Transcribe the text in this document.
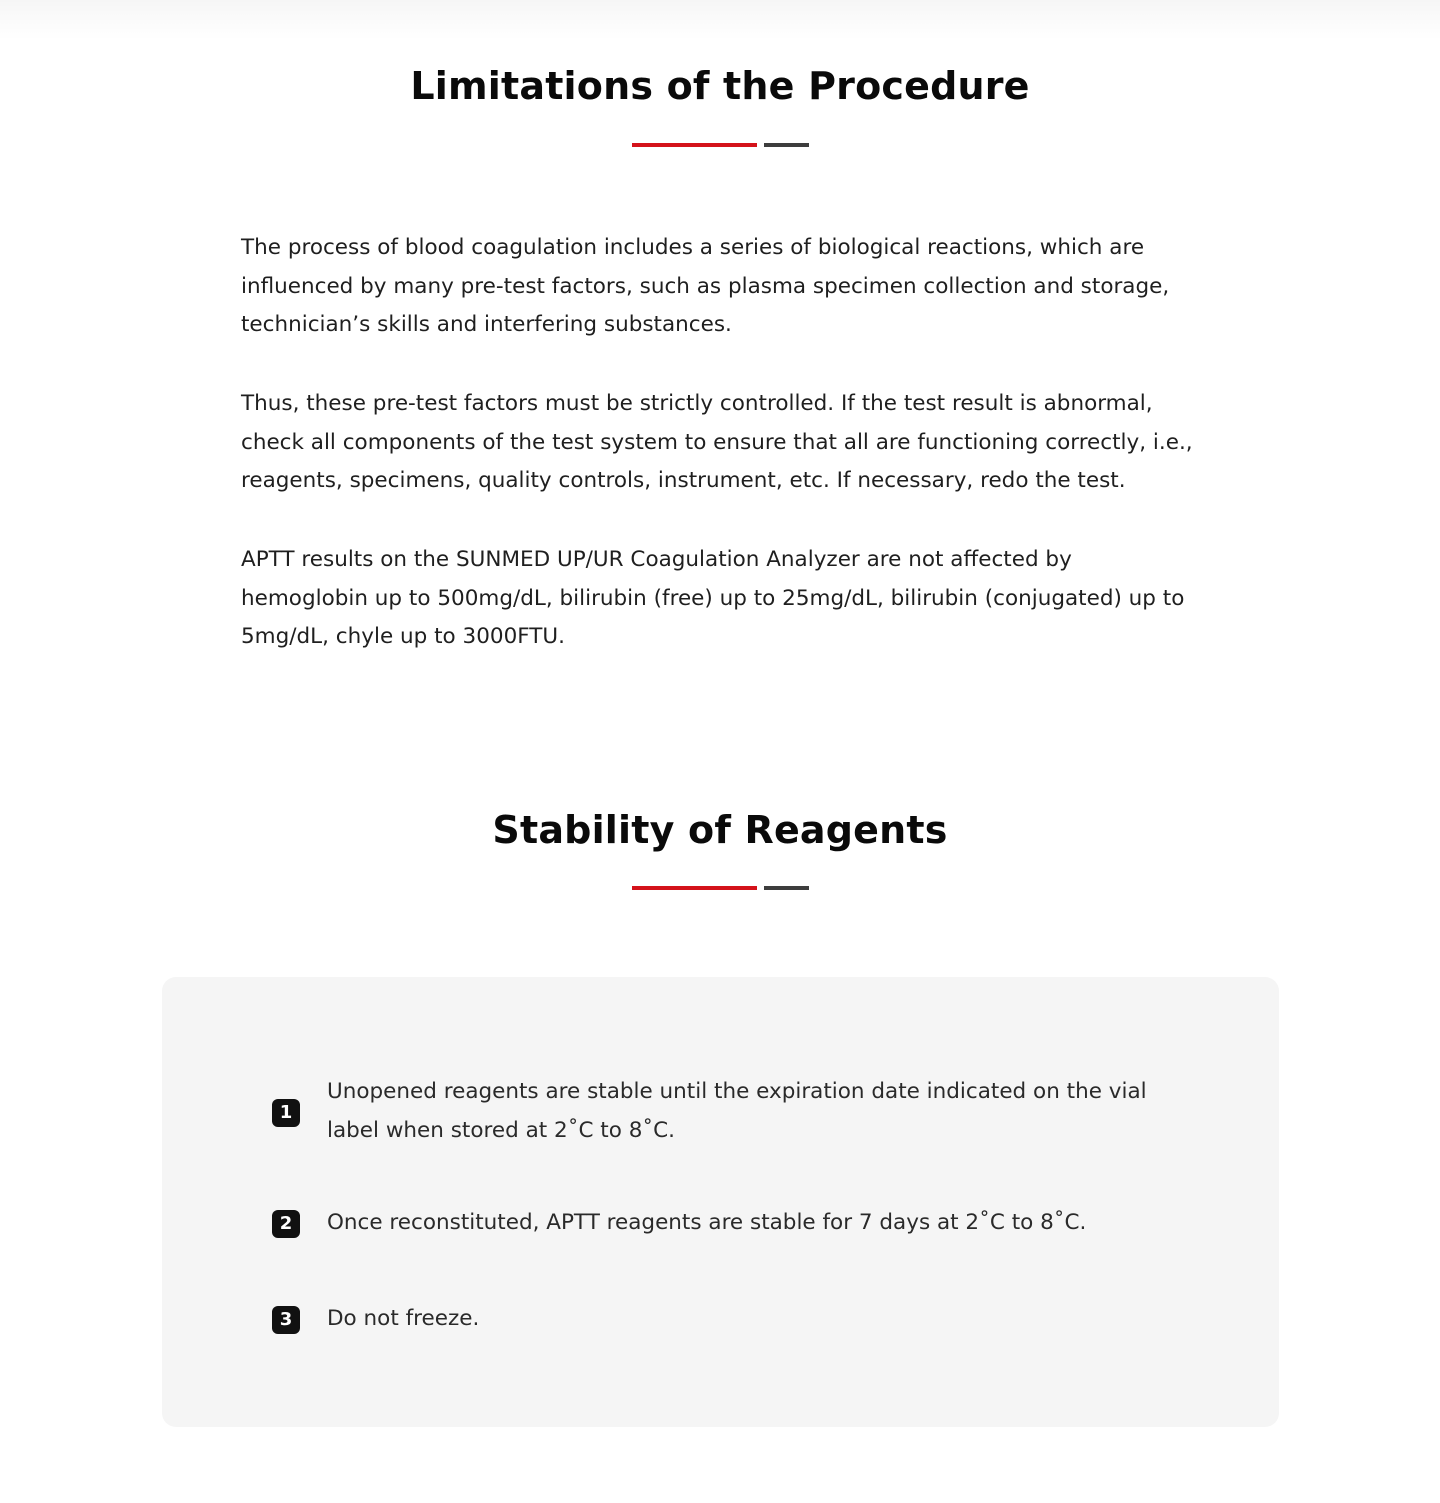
Limitations of the Procedure

The process of blood coagulation includes a series of biological reactions, which are influenced by many pre-test factors, such as plasma specimen collection and storage, technician’s skills and interfering substances.

Thus, these pre-test factors must be strictly controlled. If the test result is abnormal, check all components of the test system to ensure that all are functioning correctly, i.e., reagents, specimens, quality controls, instrument, etc. If necessary, redo the test.

APTT results on the SUNMED UP/UR Coagulation Analyzer are not affected by hemoglobin up to 500mg/dL, bilirubin (free) up to 25mg/dL, bilirubin (conjugated) up to 5mg/dL, chyle up to 3000FTU.

Stability of Reagents
1

Unopened reagents are stable until the expiration date indicated on the vial label when stored at 2˚C to 8˚C.

2	Once reconstituted, APTT reagents are stable for 7 days at 2˚C to 8˚C.

3	Do not freeze.
